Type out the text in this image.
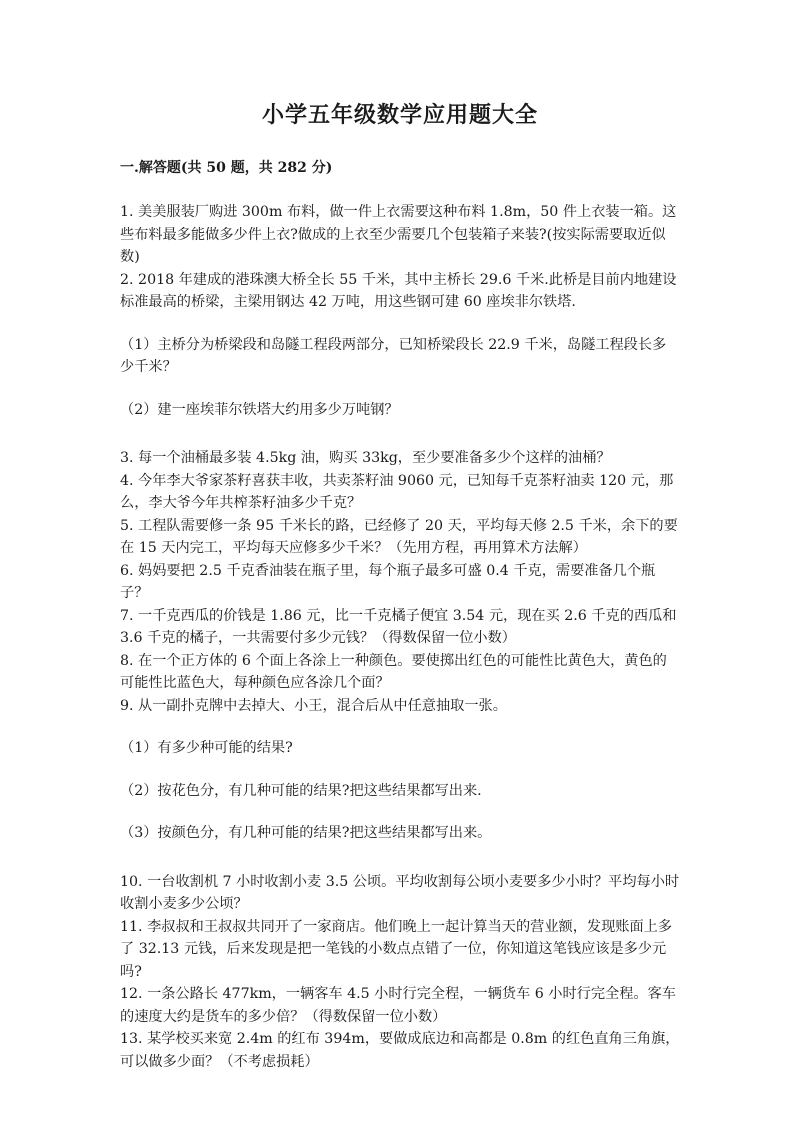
小学五年级数学应用题大全
一.解答题(共 50 题，共 282 分)

1. 美美服装厂购进 300m 布料，做一件上衣需要这种布料 1.8m，50 件上衣装一箱。这些布料最多能做多少件上衣?做成的上衣至少需要几个包装箱子来装?(按实际需要取近似数)

2. 2018 年建成的港珠澳大桥全长 55 千米，其中主桥长 29.6 千米.此桥是目前内地建设标准最高的桥梁，主梁用钢达 42 万吨，用这些钢可建 60 座埃非尔铁塔.

（1）主桥分为桥梁段和岛隧工程段两部分，已知桥梁段长 22.9 千米，岛隧工程段长多少千米？

（2）建一座埃菲尔铁塔大约用多少万吨钢？

3. 每一个油桶最多装 4.5kg 油，购买 33kg，至少要准备多少个这样的油桶？

4. 今年李大爷家茶籽喜获丰收，共卖茶籽油 9060 元，已知每千克茶籽油卖 120 元，那么，李大爷今年共榨茶籽油多少千克？

5. 工程队需要修一条 95 千米长的路，已经修了 20 天，平均每天修 2.5 千米，余下的要在 15 天内完工，平均每天应修多少千米？（先用方程，再用算术方法解）

6. 妈妈要把 2.5 千克香油装在瓶子里，每个瓶子最多可盛 0.4 千克，需要准备几个瓶子？

7. 一千克西瓜的价钱是 1.86 元，比一千克橘子便宜 3.54 元，现在买 2.6 千克的西瓜和 3.6 千克的橘子，一共需要付多少元钱？（得数保留一位小数）

8. 在一个正方体的 6 个面上各涂上一种颜色。要使掷出红色的可能性比黄色大，黄色的可能性比蓝色大，每种颜色应各涂几个面？

9. 从一副扑克牌中去掉大、小王，混合后从中任意抽取一张。

（1）有多少种可能的结果?

（2）按花色分，有几种可能的结果?把这些结果都写出来.

（3）按颜色分，有几种可能的结果?把这些结果都写出来。

10. 一台收割机 7 小时收割小麦 3.5 公顷。平均收割每公顷小麦要多少小时？平均每小时收割小麦多少公顷？

11. 李叔叔和王叔叔共同开了一家商店。他们晚上一起计算当天的营业额，发现账面上多了 32.13 元钱，后来发现是把一笔钱的小数点点错了一位，你知道这笔钱应该是多少元吗?

12. 一条公路长 477km，一辆客车 4.5 小时行完全程，一辆货车 6 小时行完全程。客车的速度大约是货车的多少倍？（得数保留一位小数）

13. 某学校买来宽 2.4m 的红布 394m，要做成底边和高都是 0.8m 的红色直角三角旗，可以做多少面？（不考虑损耗）
